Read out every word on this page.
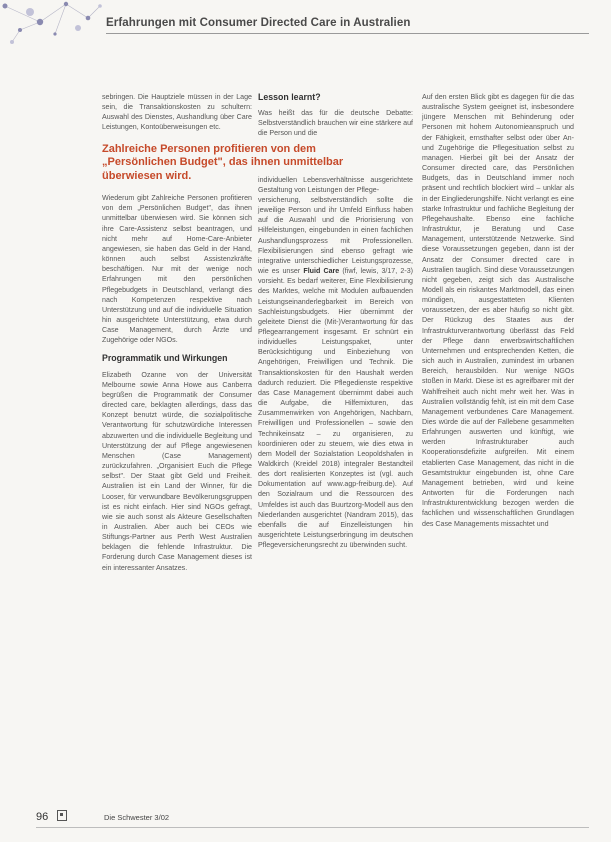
Erfahrungen mit Consumer Directed Care in Australien

sebringen. Die Hauptziele müssen in der Lage sein, die Transaktionskosten zu schultern: Auswahl des Dienstes, Aushandlung über Care Leistungen, Kontoüberweisungen etc.

Zahlreiche Personen profitieren von dem „Persönlichen Budget", das ihnen unmittelbar überwiesen wird.

Wiederum gibt Zahlreiche Personen profitieren von dem „Persönlichen Budget", das ihnen unmittelbar überwiesen wird. Sie können sich ihre Care-Assistenz selbst beantragen, und nicht mehr auf Home-Care-Anbieter angewiesen, sie haben das Geld in der Hand, können auch selbst Assistenzkräfte beschäftigen. Nur mit der wenige noch Erfahrungen mit den persönlichen Pflegebudgets in Deutschland, verlangt dies nach Kompetenzen respektive nach Unterstützung und auf die individuelle Situation hin ausgerichtete Unterstützung, etwa durch Case Management, durch Ärzte und Zugehörige oder NGOs.

Programmatik und Wirkungen

Elizabeth Ozanne von der Universität Melbourne sowie Anna Howe aus Canberra begrüßen die Programmatik der Consumer directed care, beklagten allerdings, dass das Konzept benutzt würde, die sozialpolitische Verantwortung für schutzwürdiche Interessen abzuwerten und die individuelle Begleitung und Unterstützung der auf Pflege angewiesenen Menschen (Case Management) zurückzufahren. „Organisiert Euch die Pflege selbst". Der Staat gibt Geld und Freiheit. Australien ist ein Land der Winner, für die Looser, für verwundbare Bevölkerungsgruppen ist es nicht einfach. Hier sind NGOs gefragt, wie sie auch sonst als Akteure Gesellschaften in Australien. Aber auch bei CEOs wie Stiftungs-Partner aus Perth West Australien beklagen die fehlende Infrastruktur. Die Forderung durch Case Management dieses ist ein interessanter Ansatzes.

Lesson learnt?

Was heißt das für die deutsche Debatte: Selbstverständlich brauchen wir eine stärkere auf die Person und die

individuellen Lebensverhältnisse ausgerichtete Gestaltung von Leistungen der Pflege-

versicherung, selbstverständlich sollte die jeweilige Person und ihr Umfeld Einfluss haben auf die Auswahl und die Priorisierung von Hilfeleistungen, eingebunden in einen fachlichen Aushandlungsprozess mit Professionellen. Flexibilisierungen sind ebenso gefragt wie integrative unterschiedlicher Leistungsprozesse, wie es unser Fluid Care (fiwf, lewis, 3/17, 2-3) vorsieht. Es bedarf weiterer, Eine Flexibilisierung des Marktes, welche mit Modulen aufbauenden Leistungseinanderlegbarkeit im Bereich von Sachleistungsbudgets. Hier übernimmt der geleitete Dienst die (Mit-)Verantwortung für das Pflegearrangement insgesamt. Er schnürt ein individuelles Leistungspaket, unter Berücksichtigung und Einbeziehung von Angehörigen, Freiwilligen und Technik. Die Transaktionskosten für den Haushalt werden dadurch reduziert. Die Pflegedienste respektive das Case Management übernimmt dabei auch die Aufgabe, die Hilfemixturen, das Zusammenwirken von Angehörigen, Nachbarn, Freiwilligen und Professionellen – sowie den Technikeinsatz – zu organisieren, zu koordinieren oder zu steuern, wie dies etwa in dem Modell der Sozialstation Leopoldshafen in Waldkirch (Kreidel 2018) integraler Bestandteil des dort realisierten Konzeptes ist (vgl. auch Dokumentation auf www.agp-freiburg.de). Auf den Sozialraum und die Ressourcen des Umfeldes ist auch das Buurtzorg-Modell aus den Niederlanden ausgerichtet (Nandram 2015), das ebenfalls die auf Einzelleistungen hin ausgerichtete Leistungserbringung im deutschen Pflegeversicherungsrecht zu überwinden sucht.

Auf den ersten Blick gibt es dagegen für die das australische System geeignet ist, insbesondere jüngere Menschen mit Behinderung oder Personen mit hohem Autonomieanspruch und der Fähigkeit, ernsthafter selbst oder über An- und Zugehörige die Pflegesituation selbst zu managen. Hierbei gilt bei der Ansatz der Consumer directed care, das Persönlichen Budgets, das in Deutschland immer noch präsent und rechtlich blockiert wird – unklar als in der Eingliederungshilfe. Nicht verlangt es eine starke Infrastruktur und fachliche Begleitung der Pflegehaushalte. Ebenso eine fachliche Infrastruktur, je Beratung und Case Management, unterstützende Netzwerke. Sind diese Voraussetzungen gegeben, dann ist der Ansatz der Consumer directed care in Australien tauglich. Sind diese Voraussetzungen nicht gegeben, zeigt sich das Australische Modell als ein riskantes Marktmodell, das einen mündigen, ausgestatteten Klienten voraussetzen, der es aber häufig so nicht gibt. Der Rückzug des Staates aus der Infrastrukturverantwortung überlässt das Feld der Pflege dann erwerbswirtschaftlichen Unternehmen und entsprechenden Ketten, die sich auch in Australien, zumindest im urbanen Bereich, herausbilden. Nur wenige NGOs stoßen in Markt. Diese ist es agreifbarer mit der Wahlfreiheit auch nicht mehr weit her. Was in Australien vollständig fehlt, ist ein mit dem Case Management verbundenes Care Management. Dies würde die auf der Fallebene gesammelten Erfahrungen auswerten und künftigt, wie werden Infrastrukturaber auch Kooperationsdefizite aufgreifen. Mit einem etablierten Case Management, das nicht in die Gesamtstruktur eingebunden ist, ohne Care Management betrieben, wird und keine Antworten für die Forderungen nach Infrastrukturentwicklung bezogen werden die fachlichen und wissenschaftlichen Grundlagen des Case Managements missachtet und

96	Die Schwester 3/02
